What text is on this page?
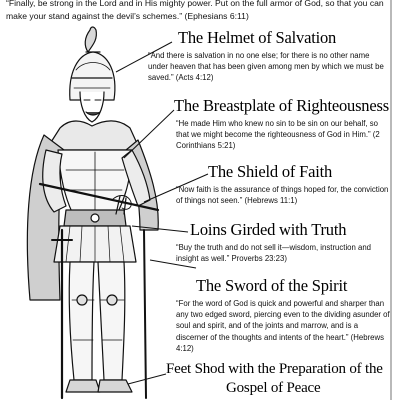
“Finally, be strong in the Lord and in His mighty power. Put on the full armor of God, so that you can make your stand against the devil’s schemes.” (Ephesians 6:11)

The Helmet of Salvation

“And there is salvation in no one else; for there is no other name under heaven that has been given among men by which we must be saved.” (Acts 4:12)

The Breastplate of Righteousness

“He made Him who knew no sin to be sin on our behalf, so that we might become the righteousness of God in Him.” (2 Corinthians 5:21)

The Shield of Faith

“Now faith is the assurance of things hoped for, the conviction of things not seen.” (Hebrews 11:1)

Loins Girded with Truth

“Buy the truth and do not sell it—wisdom, instruction and insight as well.” Proverbs 23:23)

The Sword of the Spirit

“For the word of God is quick and powerful and sharper than any two edged sword, piercing even to the dividing asunder of soul and spirit, and of the joints and marrow, and is a discerner of the thoughts and intents of the heart.” (Hebrews 4:12)

Feet Shod with the Preparation of the
Gospel of Peace
